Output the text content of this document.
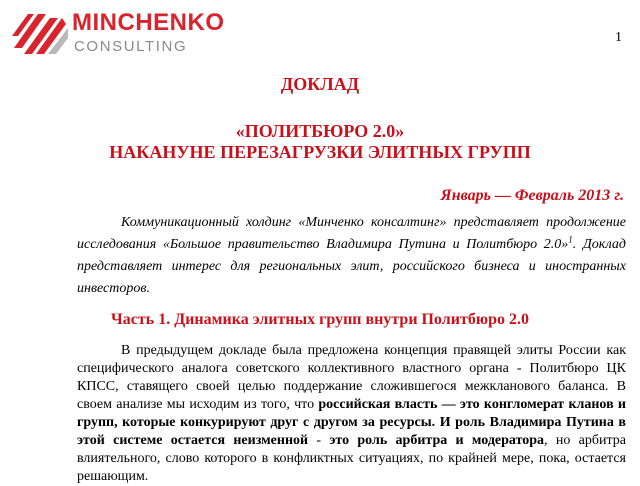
MINCHENKO
CONSULTING
1
ДОКЛАД
«ПОЛИТБЮРО 2.0»
НАКАНУНЕ ПЕРЕЗАГРУЗКИ ЭЛИТНЫХ ГРУПП
Январь — Февраль 2013 г.
Коммуникационный холдинг «Минченко консалтинг» представляет продолжение исследования «Большое правительство Владимира Путина и Политбюро 2.0»$^1$. Доклад представляет интерес для региональных элит, российского бизнеса и иностранных инвесторов.
Часть 1. Динамика элитных групп внутри Политбюро 2.0
В предыдущем докладе была предложена концепция правящей элиты России как специфического аналога советского коллективного властного органа - Политбюро ЦК КПСС, ставящего своей целью поддержание сложившегося межкланового баланса. В своем анализе мы исходим из того, что российская власть — это конгломерат кланов и групп, которые конкурируют друг с другом за ресурсы. И роль Владимира Путина в этой системе остается неизменной - это роль арбитра и модератора, но арбитра влиятельного, слово которого в конфликтных ситуациях, по крайней мере, пока, остается решающим.
